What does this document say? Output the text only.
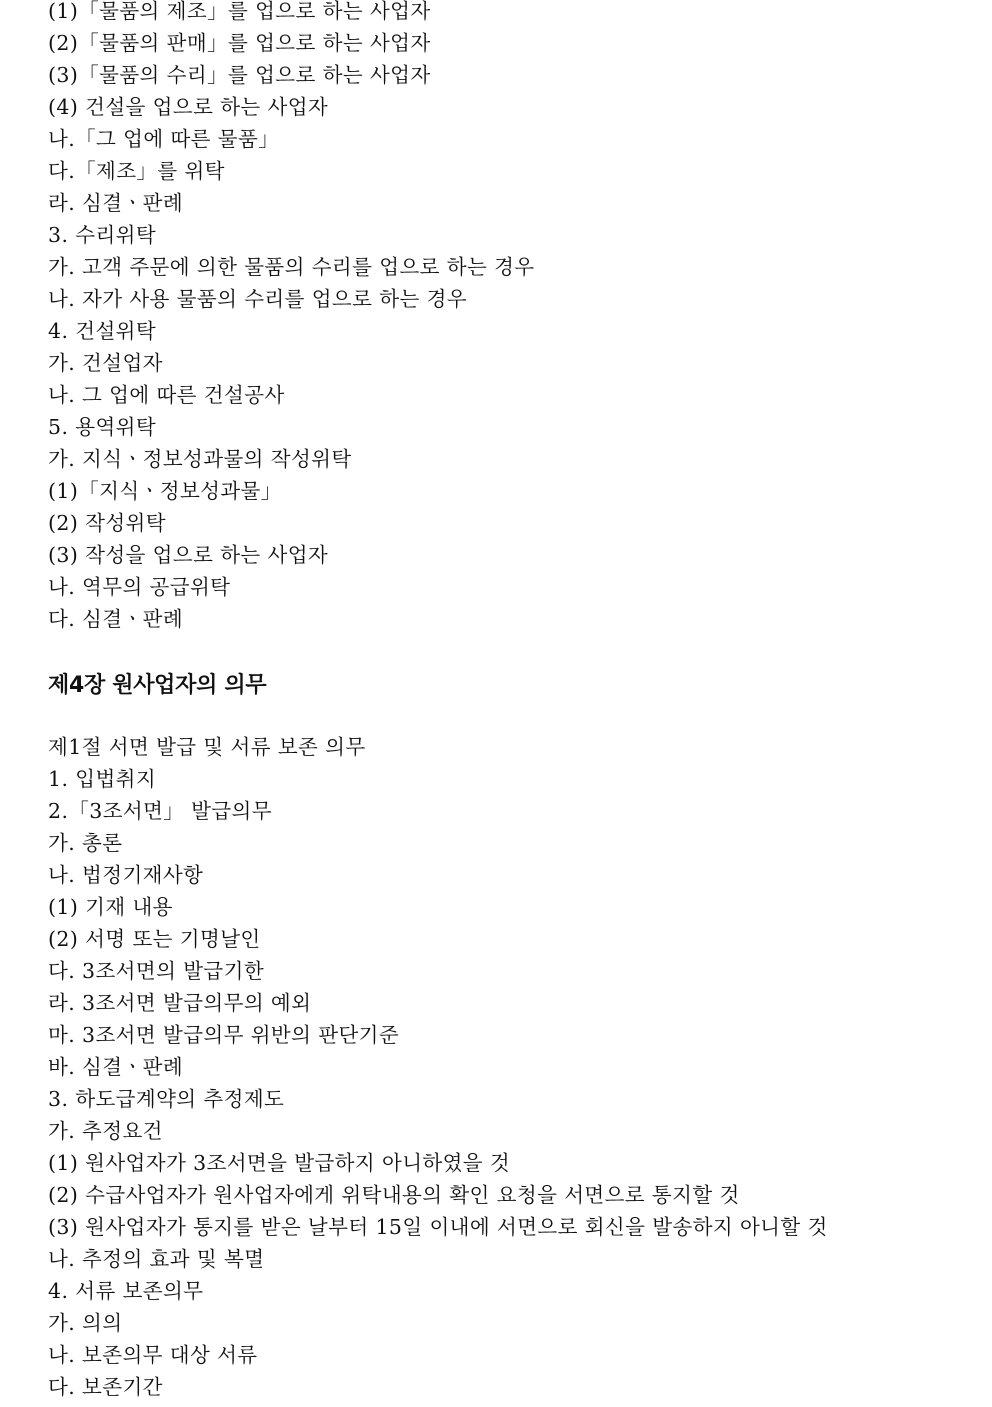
(1)「물품의 제조」를 업으로 하는 사업자
(2)「물품의 판매」를 업으로 하는 사업자
(3)「물품의 수리」를 업으로 하는 사업자
(4) 건설을 업으로 하는 사업자
나.「그 업에 따른 물품」
다.「제조」를 위탁
라. 심결ㆍ판례
3. 수리위탁
가. 고객 주문에 의한 물품의 수리를 업으로 하는 경우
나. 자가 사용 물품의 수리를 업으로 하는 경우
4. 건설위탁
가. 건설업자
나. 그 업에 따른 건설공사
5. 용역위탁
가. 지식ㆍ정보성과물의 작성위탁
(1)「지식ㆍ정보성과물」
(2) 작성위탁
(3) 작성을 업으로 하는 사업자
나. 역무의 공급위탁
다. 심결ㆍ판례
제4장 원사업자의 의무
제1절 서면 발급 및 서류 보존 의무
1. 입법취지
2.「3조서면」 발급의무
가. 총론
나. 법정기재사항
(1) 기재 내용
(2) 서명 또는 기명날인
다. 3조서면의 발급기한
라. 3조서면 발급의무의 예외
마. 3조서면 발급의무 위반의 판단기준
바. 심결ㆍ판례
3. 하도급계약의 추정제도
가. 추정요건
(1) 원사업자가 3조서면을 발급하지 아니하였을 것
(2) 수급사업자가 원사업자에게 위탁내용의 확인 요청을 서면으로 통지할 것
(3) 원사업자가 통지를 받은 날부터 15일 이내에 서면으로 회신을 발송하지 아니할 것
나. 추정의 효과 및 복멸
4. 서류 보존의무
가. 의의
나. 보존의무 대상 서류
다. 보존기간
